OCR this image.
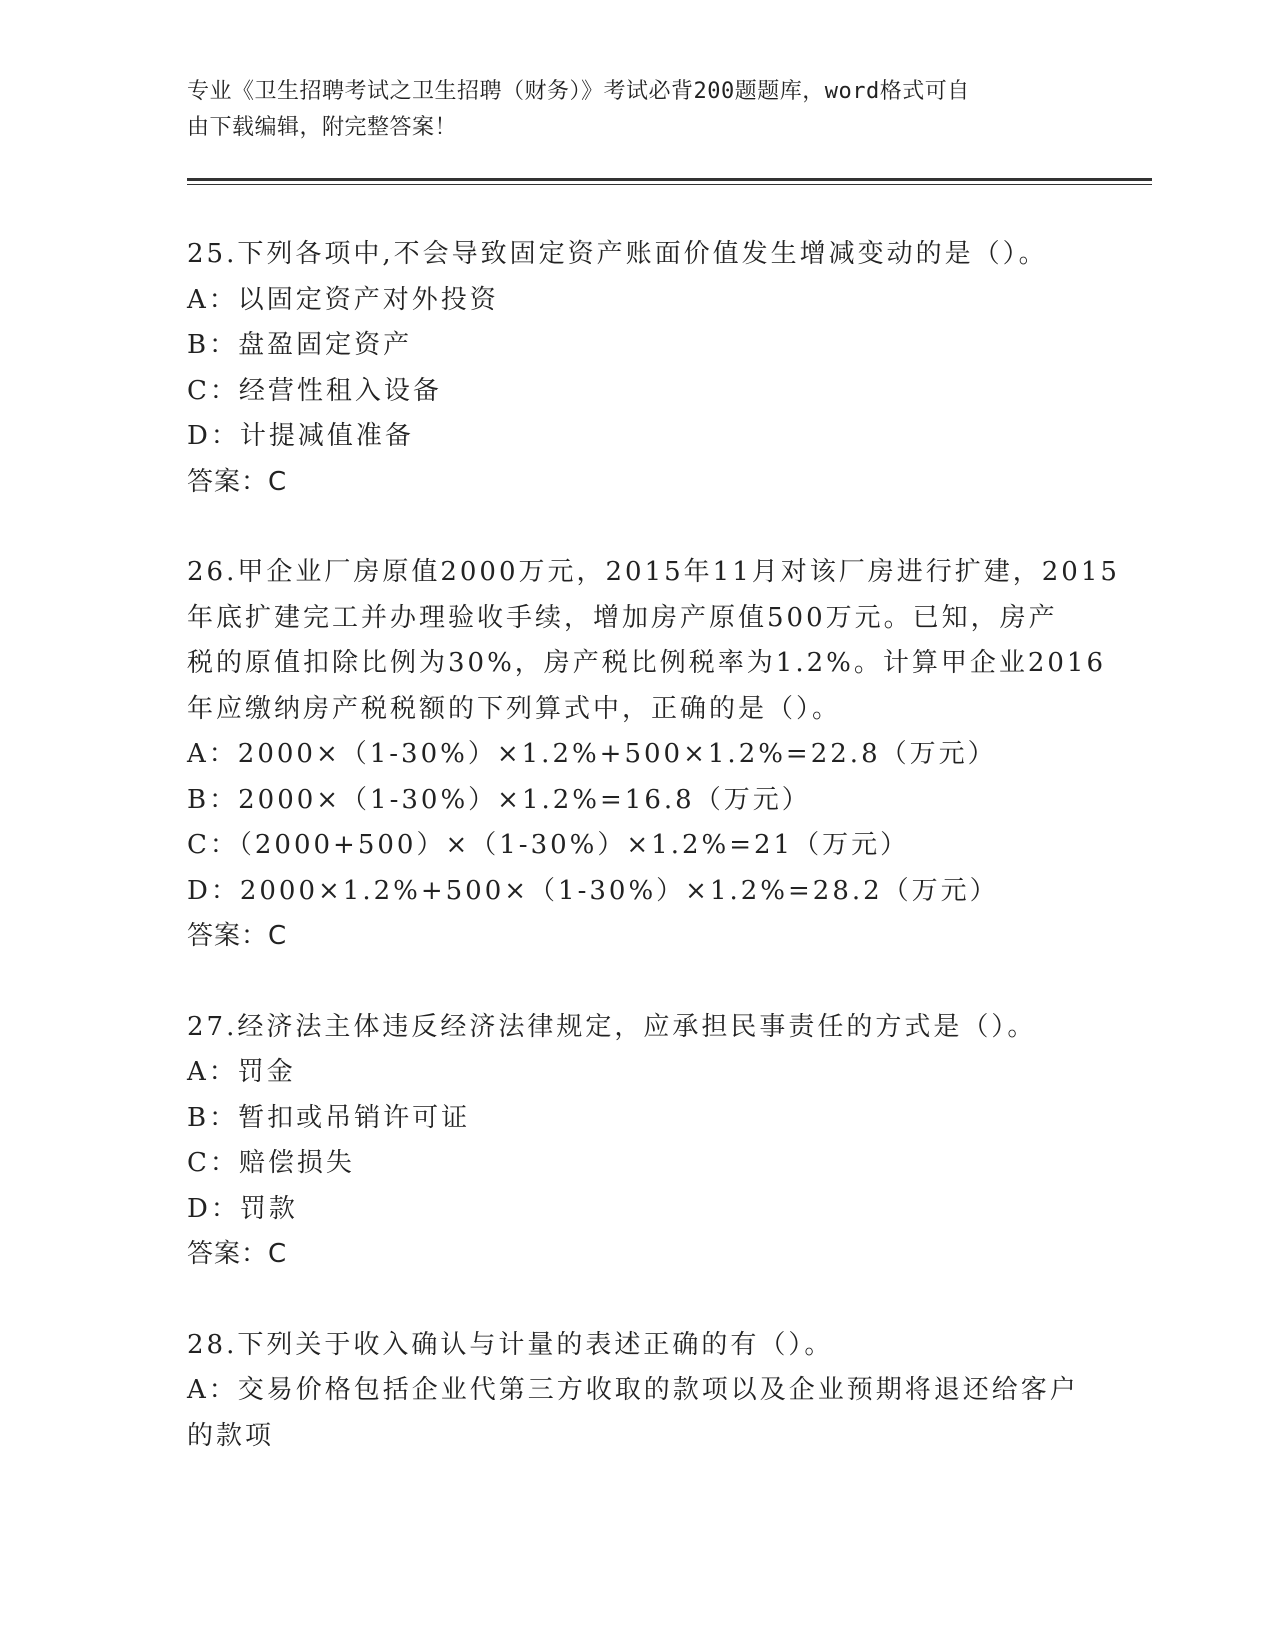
专业《卫生招聘考试之卫生招聘（财务）》考试必背200题题库，word格式可自
由下载编辑，附完整答案！
25.下列各项中,不会导致固定资产账面价值发生增减变动的是（）。
A：以固定资产对外投资
B：盘盈固定资产
C：经营性租入设备
D：计提减值准备
答案：C
26.甲企业厂房原值2000万元，2015年11月对该厂房进行扩建，2015
年底扩建完工并办理验收手续，增加房产原值500万元。已知，房产
税的原值扣除比例为30%，房产税比例税率为1.2%。计算甲企业2016
年应缴纳房产税税额的下列算式中，正确的是（）。
A：2000×（1-30%）×1.2%+500×1.2%=22.8（万元）
B：2000×（1-30%）×1.2%=16.8（万元）
C：（2000+500）×（1-30%）×1.2%=21（万元）
D：2000×1.2%+500×（1-30%）×1.2%=28.2（万元）
答案：C
27.经济法主体违反经济法律规定，应承担民事责任的方式是（）。
A：罚金
B：暂扣或吊销许可证
C：赔偿损失
D：罚款
答案：C
28.下列关于收入确认与计量的表述正确的有（）。
A：交易价格包括企业代第三方收取的款项以及企业预期将退还给客户
的款项
